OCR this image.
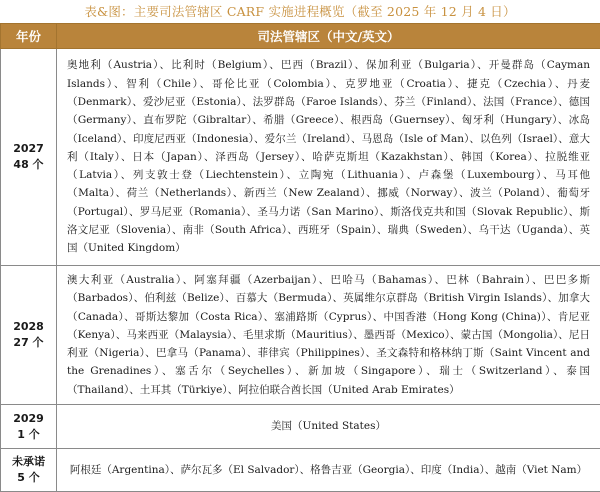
表&图：主要司法管辖区 CARF 实施进程概览（截至 2025 年 12 月 4 日）
年份	司法管辖区（中文/英文）

2027
48 个	奥地利（Austria）、比利时（Belgium）、巴西（Brazil）、保加利亚（Bulgaria）、开曼群岛（Cayman Islands）、智利（Chile）、哥伦比亚（Colombia）、克罗地亚（Croatia）、捷克（Czechia）、丹麦（Denmark）、爱沙尼亚（Estonia）、法罗群岛（Faroe Islands）、芬兰（Finland）、法国（France）、德国（Germany）、直布罗陀（Gibraltar）、希腊（Greece）、根西岛（Guernsey）、匈牙利（Hungary）、冰岛（Iceland）、印度尼西亚（Indonesia）、爱尔兰（Ireland）、马恩岛（Isle of Man）、以色列（Israel）、意大利（Italy）、日本（Japan）、泽西岛（Jersey）、哈萨克斯坦（Kazakhstan）、韩国（Korea）、拉脱维亚（Latvia）、列支敦士登（Liechtenstein）、立陶宛（Lithuania）、卢森堡（Luxembourg）、马耳他（Malta）、荷兰（Netherlands）、新西兰（New Zealand）、挪威（Norway）、波兰（Poland）、葡萄牙（Portugal）、罗马尼亚（Romania）、圣马力诺（San Marino）、斯洛伐克共和国（Slovak Republic）、斯洛文尼亚（Slovenia）、南非（South Africa）、西班牙（Spain）、瑞典（Sweden）、乌干达（Uganda）、英国（United Kingdom）

2028
27 个	澳大利亚（Australia）、阿塞拜疆（Azerbaijan）、巴哈马（Bahamas）、巴林（Bahrain）、巴巴多斯（Barbados）、伯利兹（Belize）、百慕大（Bermuda）、英属维尔京群岛（British Virgin Islands）、加拿大（Canada）、哥斯达黎加（Costa Rica）、塞浦路斯（Cyprus）、中国香港（Hong Kong (China)）、肯尼亚（Kenya）、马来西亚（Malaysia）、毛里求斯（Mauritius）、墨西哥（Mexico）、蒙古国（Mongolia）、尼日利亚（Nigeria）、巴拿马（Panama）、菲律宾（Philippines）、圣文森特和格林纳丁斯（Saint Vincent and the Grenadines）、塞舌尔（Seychelles）、新加坡（Singapore）、瑞士（Switzerland）、泰国（Thailand）、土耳其（Türkiye）、阿拉伯联合酋长国（United Arab Emirates）

2029
1 个	美国（United States）

未承诺
5 个	阿根廷（Argentina）、萨尔瓦多（El Salvador）、格鲁吉亚（Georgia）、印度（India）、越南（Viet Nam）
